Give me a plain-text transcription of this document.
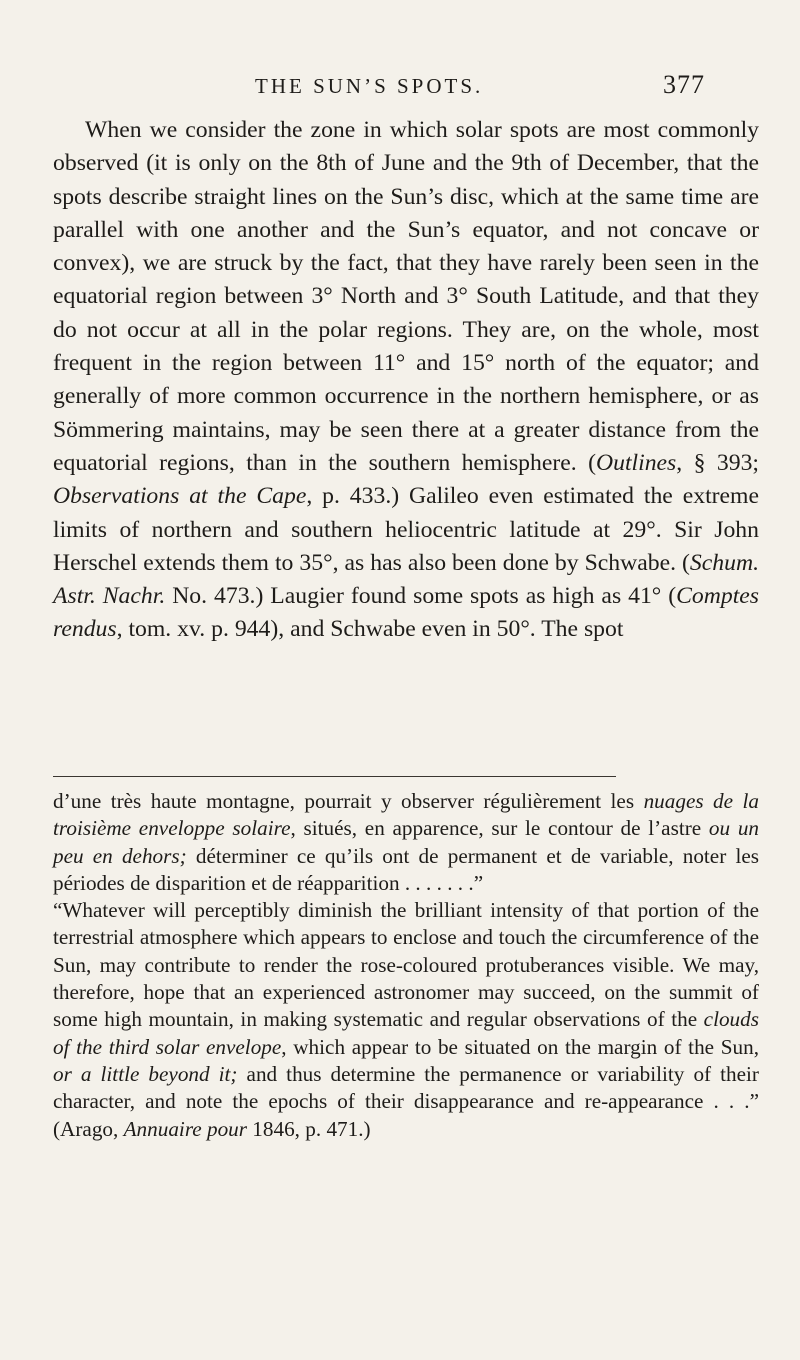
THE SUN’S SPOTS.	377

When we consider the zone in which solar spots are most commonly observed (it is only on the 8th of June and the 9th of December, that the spots describe straight lines on the Sun’s disc, which at the same time are parallel with one another and the Sun’s equator, and not concave or convex), we are struck by the fact, that they have rarely been seen in the equatorial region between 3° North and 3° South Latitude, and that they do not occur at all in the polar regions. They are, on the whole, most frequent in the region between 11° and 15° north of the equator; and generally of more common occurrence in the northern hemisphere, or as Sömmering maintains, may be seen there at a greater distance from the equatorial regions, than in the southern hemisphere. (Outlines, § 393; Observations at the Cape, p. 433.) Galileo even estimated the extreme limits of northern and southern heliocentric latitude at 29°. Sir John Herschel extends them to 35°, as has also been done by Schwabe. (Schum. Astr. Nachr. No. 473.) Laugier found some spots as high as 41° (Comptes rendus, tom. xv. p. 944), and Schwabe even in 50°. The spot

d’une très haute montagne, pourrait y observer régulièrement les nuages de la troisième enveloppe solaire, situés, en apparence, sur le contour de l’astre ou un peu en dehors; déterminer ce qu’ils ont de permanent et de variable, noter les périodes de disparition et de réapparition . . . . . . .”

“Whatever will perceptibly diminish the brilliant intensity of that portion of the terrestrial atmosphere which appears to enclose and touch the circumference of the Sun, may contribute to render the rose-coloured protuberances visible. We may, therefore, hope that an experienced astronomer may succeed, on the summit of some high mountain, in making systematic and regular observations of the clouds of the third solar envelope, which appear to be situated on the margin of the Sun, or a little beyond it; and thus determine the permanence or variability of their character, and note the epochs of their disappearance and re-appearance . . .” (Arago, Annuaire pour 1846, p. 471.)
